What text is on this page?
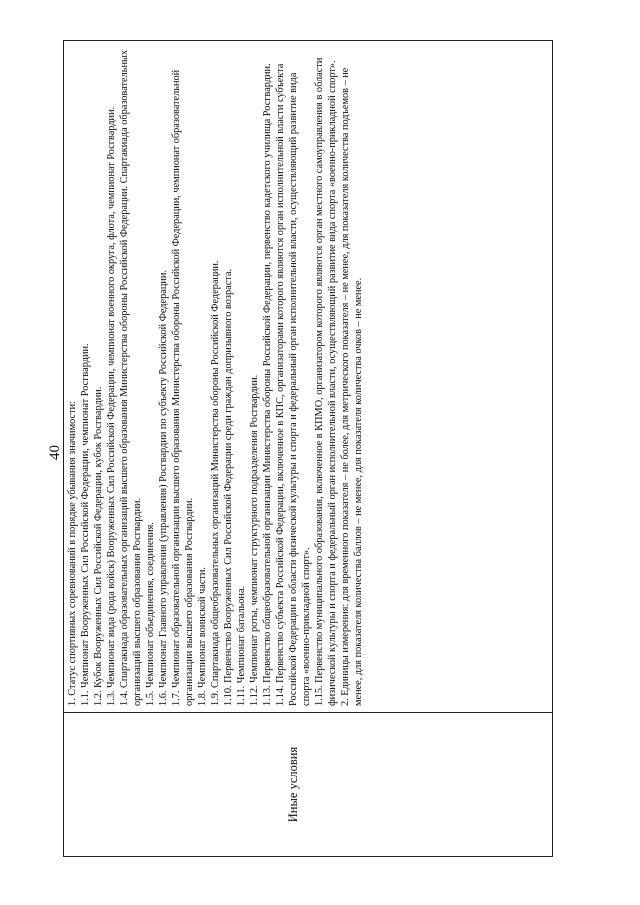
40
Иные условия

1. Статус спортивных соревнований в порядке убывания значимости: 1.1. Чемпионат Вооруженных Сил Российской Федерации, чемпионат Росгвардии. 1.2. Кубок Вооруженных Сил Российской Федерации, кубок Росгвардии. 1.3. Чемпионат вида (рода войск) Вооруженных Сил Российской Федерации, чемпионат военного округа, флота, чемпионат Росгвардии. 1.4. Спартакиада образовательных организаций высшего образования Министерства обороны Российской Федерации. Спартакиада образовательных организаций высшего образования Росгвардии. 1.5. Чемпионат объединения, соединения. 1.6. Чемпионат Главного управления (управления) Росгвардии по субъекту Российской Федерации. 1.7. Чемпионат образовательной организации высшего образования Министерства обороны Российской Федерации, чемпионат образовательной организации высшего образования Росгвардии. 1.8. Чемпионат воинской части. 1.9. Спартакиада общеобразовательных организаций Министерства обороны Российской Федерации. 1.10. Первенство Вооруженных Сил Российской Федерации среди граждан допризывного возраста. 1.11. Чемпионат батальона. 1.12. Чемпионат роты, чемпионат структурного подразделения Росгвардии. 1.13. Первенство общеобразовательной организации Министерства обороны Российской Федерации, первенство кадетского училища Росгвардии. 1.14. Первенство субъекта Российской Федерации, включенное в КПС, организаторами которого являются орган исполнительной власти субъекта Российской Федерации в области физической культуры и спорта и федеральный орган исполнительной власти, осуществляющий развитие вида спорта «военно-прикладной спорт». 1.15. Первенство муниципального образования, включенное в КПМО, организатором которого являются орган местного самоуправления в области физической культуры и спорта и федеральный орган исполнительной власти, осуществляющий развитие вида спорта «военно-прикладной спорт». 2. Единицы измерения: для временного показателя – не более, для метрического показателя – не менее, для показателя количества подъемов – не менее, для показателя количества баллов – не менее, для показателя количества очков – не менее.
